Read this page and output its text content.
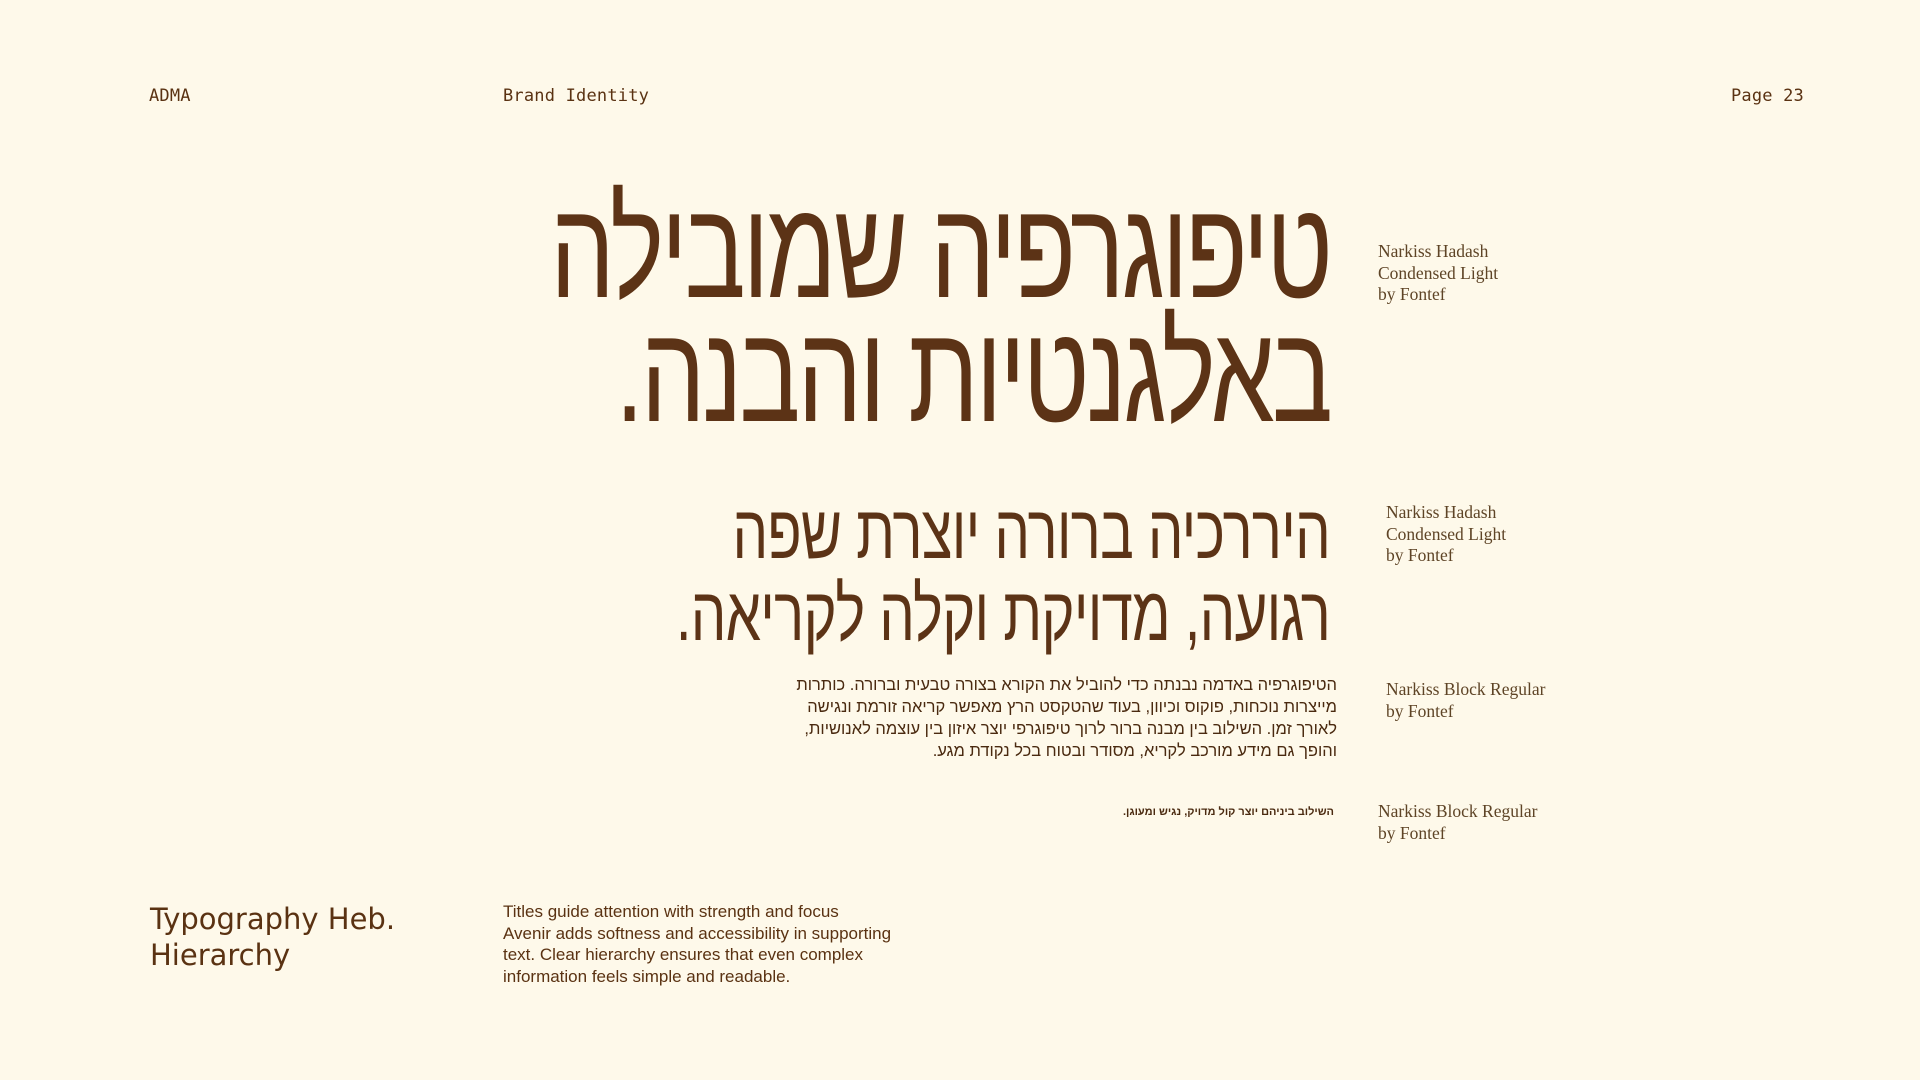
ADMA	Brand Identity	Page 23
טיפוגרפיה שמובילה
באלגנטיות והבנה.
היררכיה ברורה יוצרת שפה
רגועה, מדויקת וקלה לקריאה.
הטיפוגרפיה באדמה נבנתה כדי להוביל את הקורא בצורה טבעית וברורה. כותרות
מייצרות נוכחות, פוקוס וכיוון, בעוד שהטקסט הרץ מאפשר קריאה זורמת ונגישה
לאורך זמן. השילוב בין מבנה ברור לרוך טיפוגרפי יוצר איזון בין עוצמה לאנושיות,
והופך גם מידע מורכב לקריא, מסודר ובטוח בכל נקודת מגע.
השילוב ביניהם יוצר קול מדויק, נגיש ומעוגן.
Narkiss Hadash
Condensed Light
by Fontef
Narkiss Hadash
Condensed Light
by Fontef
Narkiss Block Regular
by Fontef
Narkiss Block Regular
by Fontef
Typography Heb.
Hierarchy
Titles guide attention with strength and focus
Avenir adds softness and accessibility in supporting
text. Clear hierarchy ensures that even complex
information feels simple and readable.
